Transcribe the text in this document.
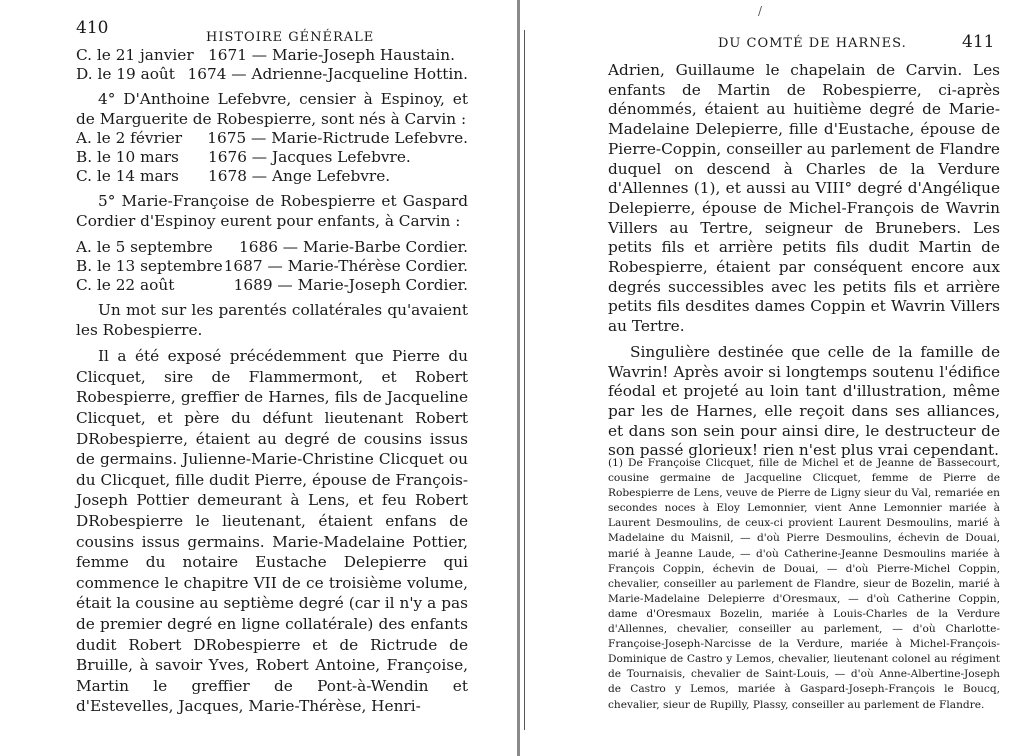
410	HISTOIRE GÉNÉRALE
C. le 21 janvier 1671 — Marie-Joseph Haustain.
D. le 19 août 1674 — Adrienne-Jacqueline Hottin.

4° D'Anthoine Lefebvre, censier à Espinoy, et de Marguerite de Robespierre, sont nés à Carvin :

A. le 2 février	1675 — Marie-Rictrude Lefebvre.
B. le 10 mars	1676 — Jacques Lefebvre.
C. le 14 mars	1678 — Ange Lefebvre.

5° Marie-Françoise de Robespierre et Gaspard Cordier d'Espinoy eurent pour enfants, à Carvin :

A. le 5 septembre	1686 — Marie-Barbe Cordier.
B. le 13 septembre 1687 — Marie-Thérèse Cordier.
C. le 22 août	1689 — Marie-Joseph Cordier.

Un mot sur les parentés collatérales qu'avaient les Robespierre.

Il a été exposé précédemment que Pierre du Clicquet, sire de Flammermont, et Robert Robespierre, greffier de Harnes, fils de Jacqueline Clicquet, et père du défunt lieutenant Robert DRobespierre, étaient au degré de cousins issus de germains. Julienne-Marie-Christine Clicquet ou du Clicquet, fille dudit Pierre, épouse de François-Joseph Pottier demeurant à Lens, et feu Robert DRobespierre le lieutenant, étaient enfans de cousins issus germains. Marie-Madelaine Pottier, femme du notaire Eustache Delepierre qui commence le chapitre VII de ce troisième volume, était la cousine au septième degré (car il n'y a pas de premier degré en ligne collatérale) des enfants dudit Robert DRobespierre et de Rictrude de Bruille, à savoir Yves, Robert Antoine, Françoise, Martin le greffier de Pont-à-Wendin et d'Estevelles, Jacques, Marie-Thérèse, Henri-

/
DU COMTÉ DE HARNES.	411

Adrien, Guillaume le chapelain de Carvin. Les enfants de Martin de Robespierre, ci-après dénommés, étaient au huitième degré de Marie-Madelaine Delepierre, fille d'Eustache, épouse de Pierre-Coppin, conseiller au parlement de Flandre duquel on descend à Charles de la Verdure d'Allennes (1), et aussi au VIII° degré d'Angélique Delepierre, épouse de Michel-François de Wavrin Villers au Tertre, seigneur de Brunebers. Les petits fils et arrière petits fils dudit Martin de Robespierre, étaient par conséquent encore aux degrés successibles avec les petits fils et arrière petits fils desdites dames Coppin et Wavrin Villers au Tertre.

Singulière destinée que celle de la famille de Wavrin! Après avoir si longtemps soutenu l'édifice féodal et projeté au loin tant d'illustration, même par les de Harnes, elle reçoit dans ses alliances, et dans son sein pour ainsi dire, le destructeur de son passé glorieux! rien n'est plus vrai cependant.

(1) De Françoise Clicquet, fille de Michel et de Jeanne de Bassecourt, cousine germaine de Jacqueline Clicquet, femme de Pierre de Robespierre de Lens, veuve de Pierre de Ligny sieur du Val, remariée en secondes noces à Eloy Lemonnier, vient Anne Lemonnier mariée à Laurent Desmoulins, de ceux-ci provient Laurent Desmoulins, marié à Madelaine du Maisnil, — d'où Pierre Desmoulins, échevin de Douai, marié à Jeanne Laude, — d'où Catherine-Jeanne Desmoulins mariée à François Coppin, échevin de Douai, — d'où Pierre-Michel Coppin, chevalier, conseiller au parlement de Flandre, sieur de Bozelin, marié à Marie-Madelaine Delepierre d'Oresmaux, — d'où Catherine Coppin, dame d'Oresmaux Bozelin, mariée à Louis-Charles de la Verdure d'Allennes, chevalier, conseiller au parlement, — d'où Charlotte-Françoise-Joseph-Narcisse de la Verdure, mariée à Michel-François-Dominique de Castro y Lemos, chevalier, lieutenant colonel au régiment de Tournaisis, chevalier de Saint-Louis, — d'où Anne-Albertine-Joseph de Castro y Lemos, mariée à Gaspard-Joseph-François le Boucq, chevalier, sieur de Rupilly, Plassy, conseiller au parlement de Flandre.
